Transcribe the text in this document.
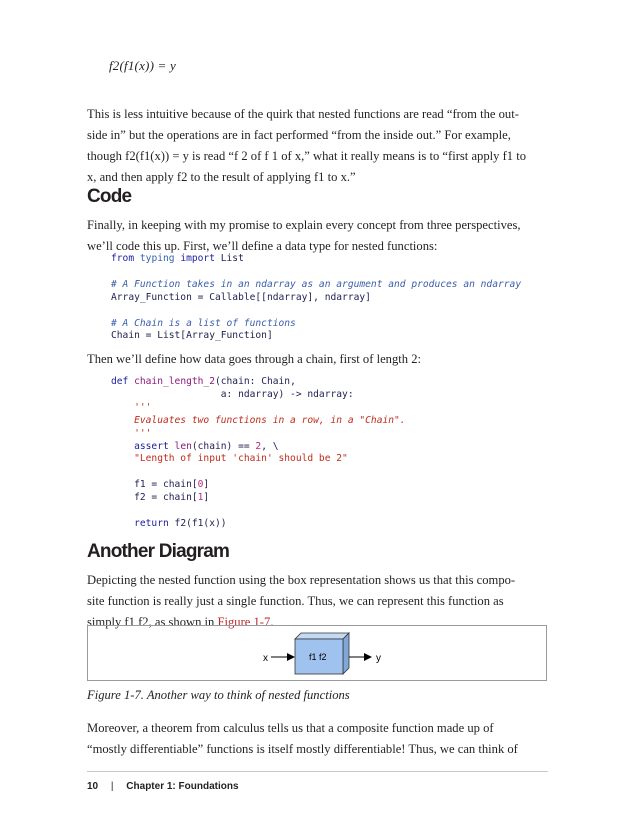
f2(f1(x)) = y
This is less intuitive because of the quirk that nested functions are read “from the out-
side in” but the operations are in fact performed “from the inside out.” For example,
though f2(f1(x)) = y is read “f 2 of f 1 of x,” what it really means is to “first apply f1 to
x, and then apply f2 to the result of applying f1 to x.”
Code
Finally, in keeping with my promise to explain every concept from three perspectives,
we’ll code this up. First, we’ll define a data type for nested functions:
from typing import List

# A Function takes in an ndarray as an argument and produces an ndarray
Array_Function = Callable[[ndarray], ndarray]

# A Chain is a list of functions
Chain = List[Array_Function]
Then we’ll define how data goes through a chain, first of length 2:
def chain_length_2(chain: Chain,
a: ndarray) -> ndarray:
'''
Evaluates two functions in a row, in a "Chain".
'''
assert len(chain) == 2, \
"Length of input 'chain' should be 2"

f1 = chain[0]
f2 = chain[1]

return f2(f1(x))
Another Diagram
Depicting the nested function using the box representation shows us that this compo-
site function is really just a single function. Thus, we can represent this function as
simply f1 f2, as shown in Figure 1-7.
x	f1 f2	y
Figure 1-7. Another way to think of nested functions
Moreover, a theorem from calculus tells us that a composite function made up of
“mostly differentiable” functions is itself mostly differentiable! Thus, we can think of
10 | Chapter 1: Foundations
